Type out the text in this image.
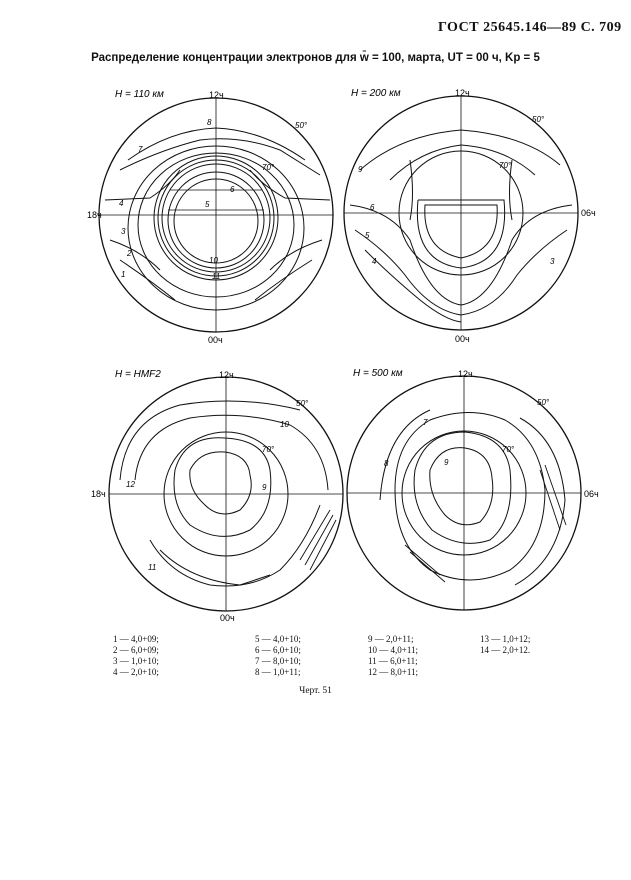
ГОСТ 25645.146—89 С. 709
Распределение концентрации электронов для w̄ = 100, марта, UT = 00 ч, Kp = 5
H = 110 км	12ч
00ч
18ч
50°
70°
1
2
3
4	5
6
7
8
10
11
H = 200 км	12ч
00ч
06ч
50°
70°
3
4
5
6
9
H = HMF2	12ч
00ч
18ч
50°
70°
9
10
11
12
H = 500 км	12ч
06ч
50°
70°
7
8	9
1 — 4,0+09;
2 — 6,0+09;
3 — 1,0+10;
4 — 2,0+10;
5 — 4,0+10;
6 — 6,0+10;
7 — 8,0+10;
8 — 1,0+11;
9 — 2,0+11;
10 — 4,0+11;
11 — 6,0+11;
12 — 8,0+11;
13 — 1,0+12;
14 — 2,0+12.
Черт. 51
